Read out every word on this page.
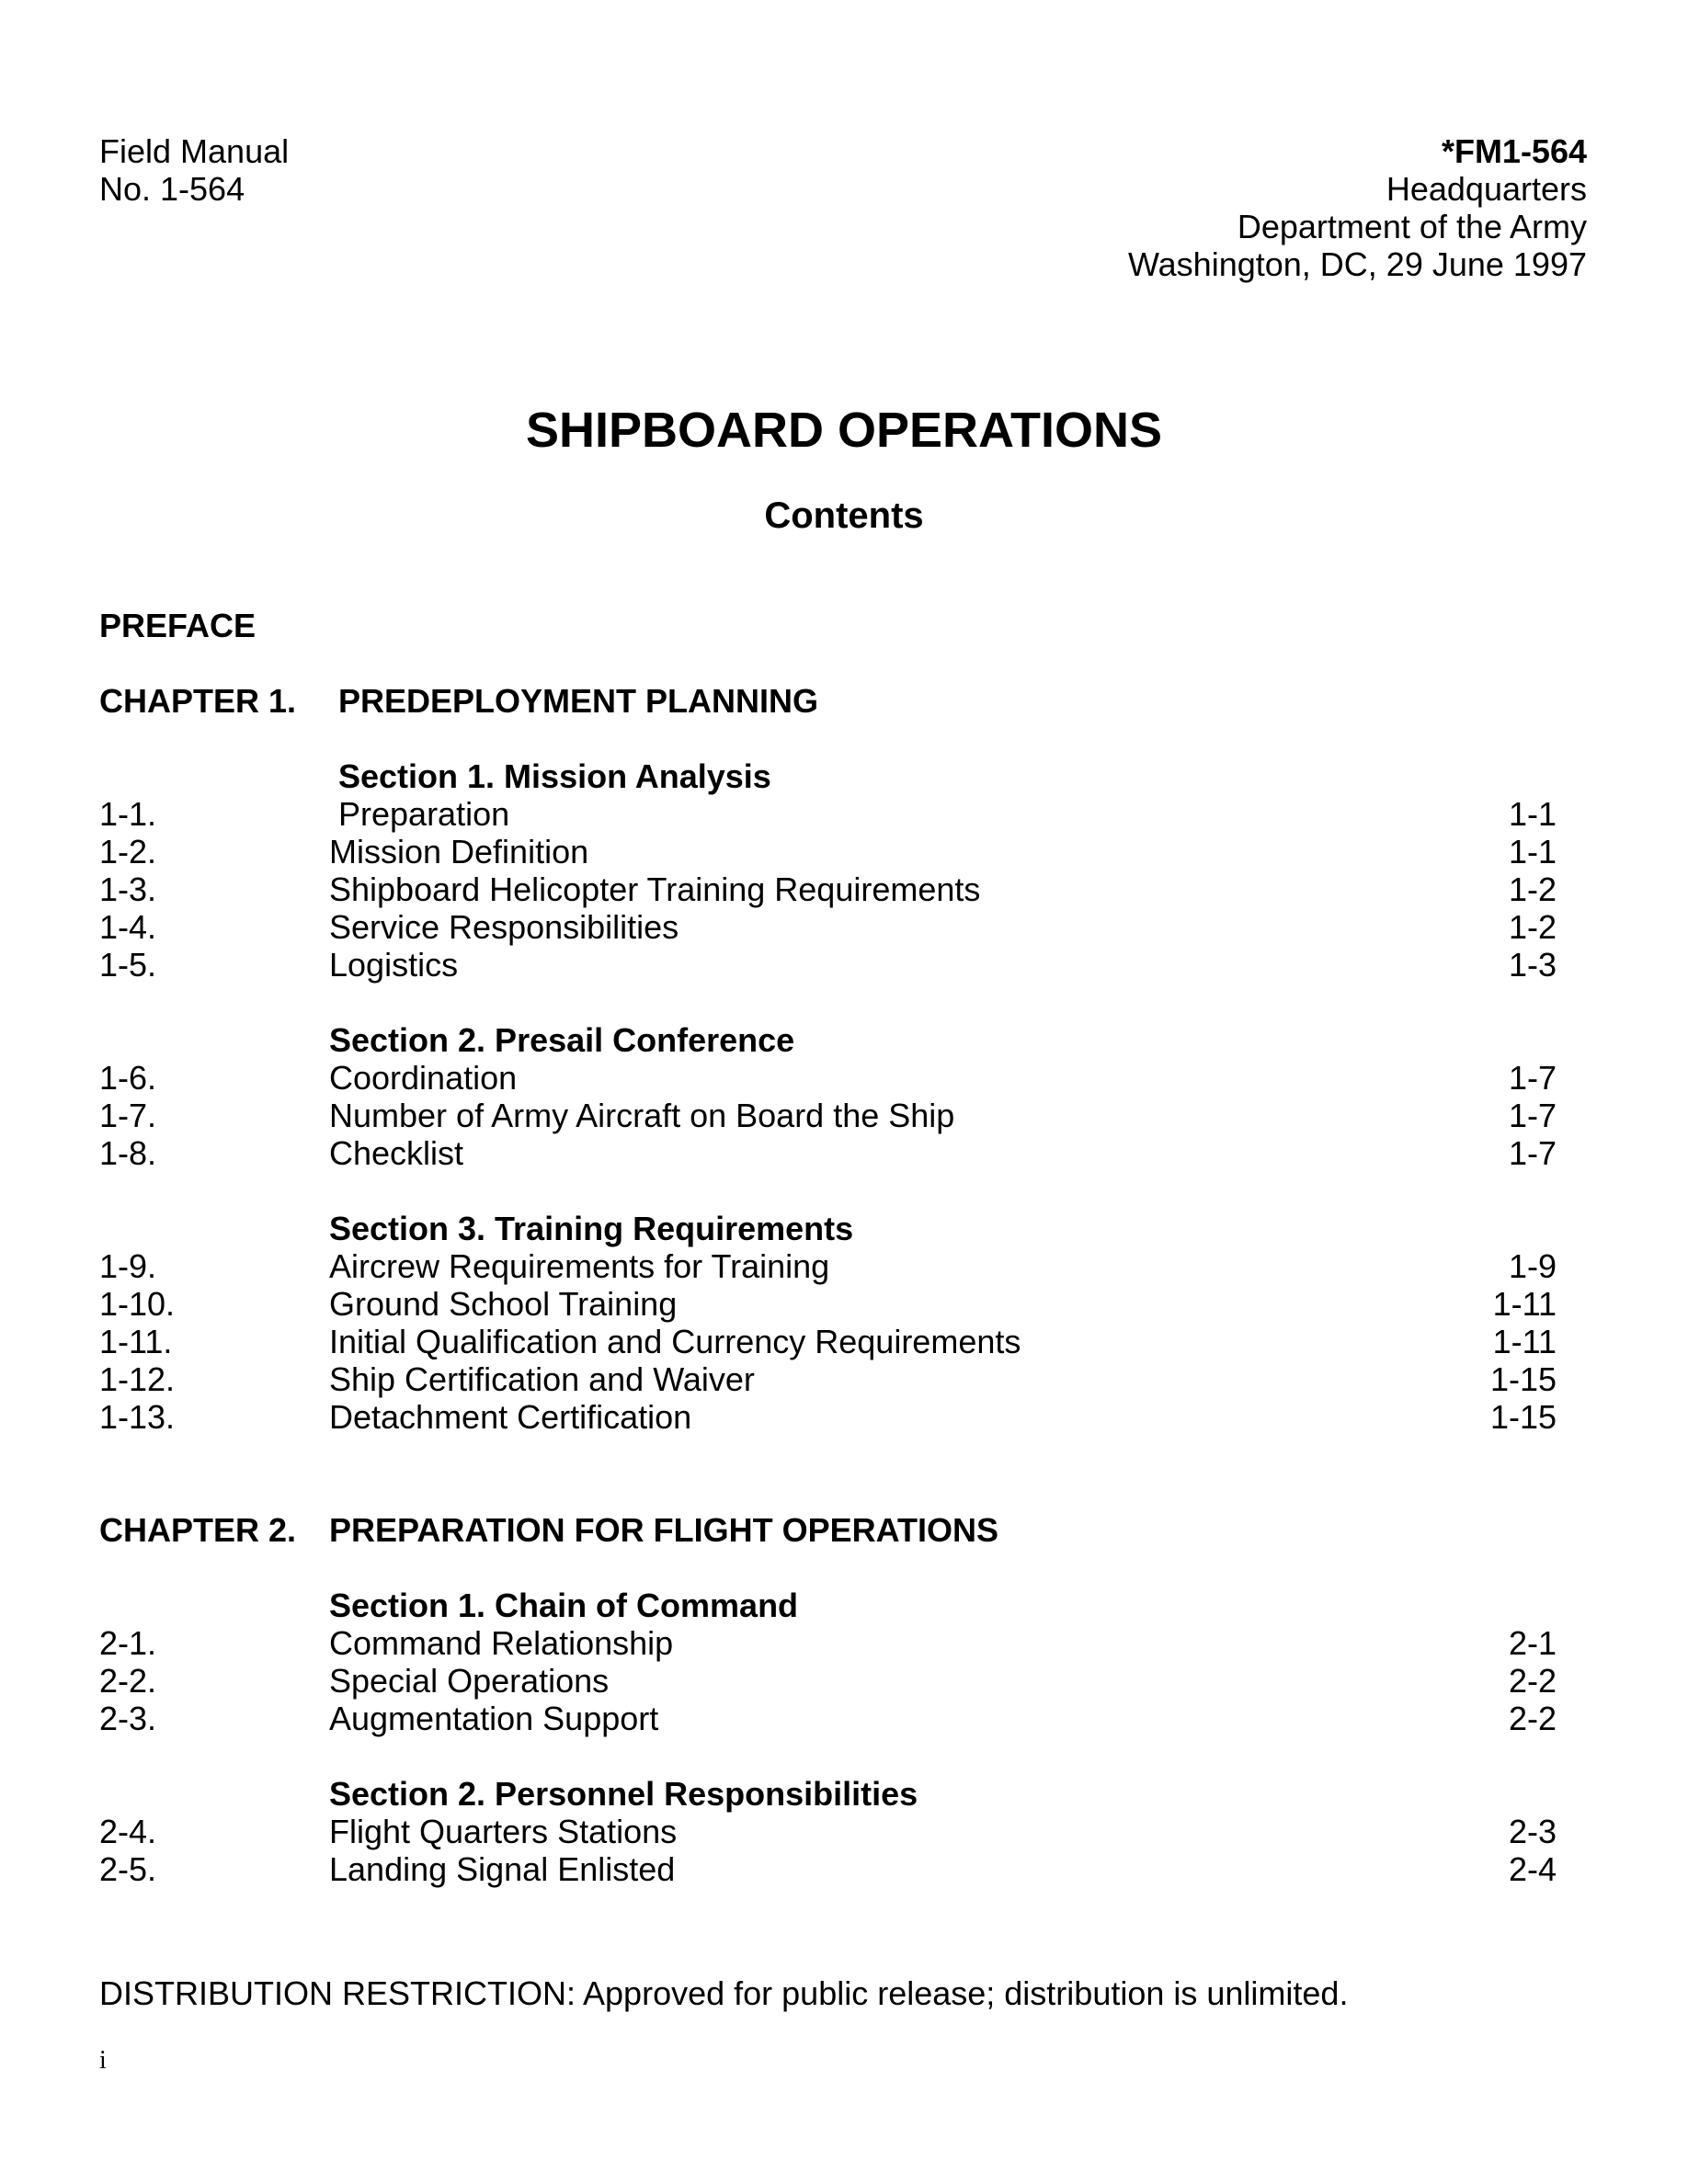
Field Manual
No. 1-564
*FM1-564
Headquarters
Department of the Army
Washington, DC, 29 June 1997
SHIPBOARD OPERATIONS
Contents
PREFACE
CHAPTER 1. PREDEPLOYMENT PLANNING
Section 1. Mission Analysis
1-1.	Preparation	1-1
1-2.	Mission Definition	1-1
1-3.	Shipboard Helicopter Training Requirements	1-2
1-4.	Service Responsibilities	1-2
1-5.	Logistics	1-3
Section 2. Presail Conference
1-6.	Coordination	1-7
1-7.	Number of Army Aircraft on Board the Ship	1-7
1-8.	Checklist	1-7
Section 3. Training Requirements
1-9.	Aircrew Requirements for Training	1-9
1-10.	Ground School Training	1-11
1-11.	Initial Qualification and Currency Requirements	1-11
1-12.	Ship Certification and Waiver	1-15
1-13.	Detachment Certification	1-15
CHAPTER 2. PREPARATION FOR FLIGHT OPERATIONS
Section 1. Chain of Command
2-1.	Command Relationship	2-1
2-2.	Special Operations	2-2
2-3.	Augmentation Support	2-2
Section 2. Personnel Responsibilities
2-4.	Flight Quarters Stations	2-3
2-5.	Landing Signal Enlisted	2-4
DISTRIBUTION RESTRICTION: Approved for public release; distribution is unlimited.
i
